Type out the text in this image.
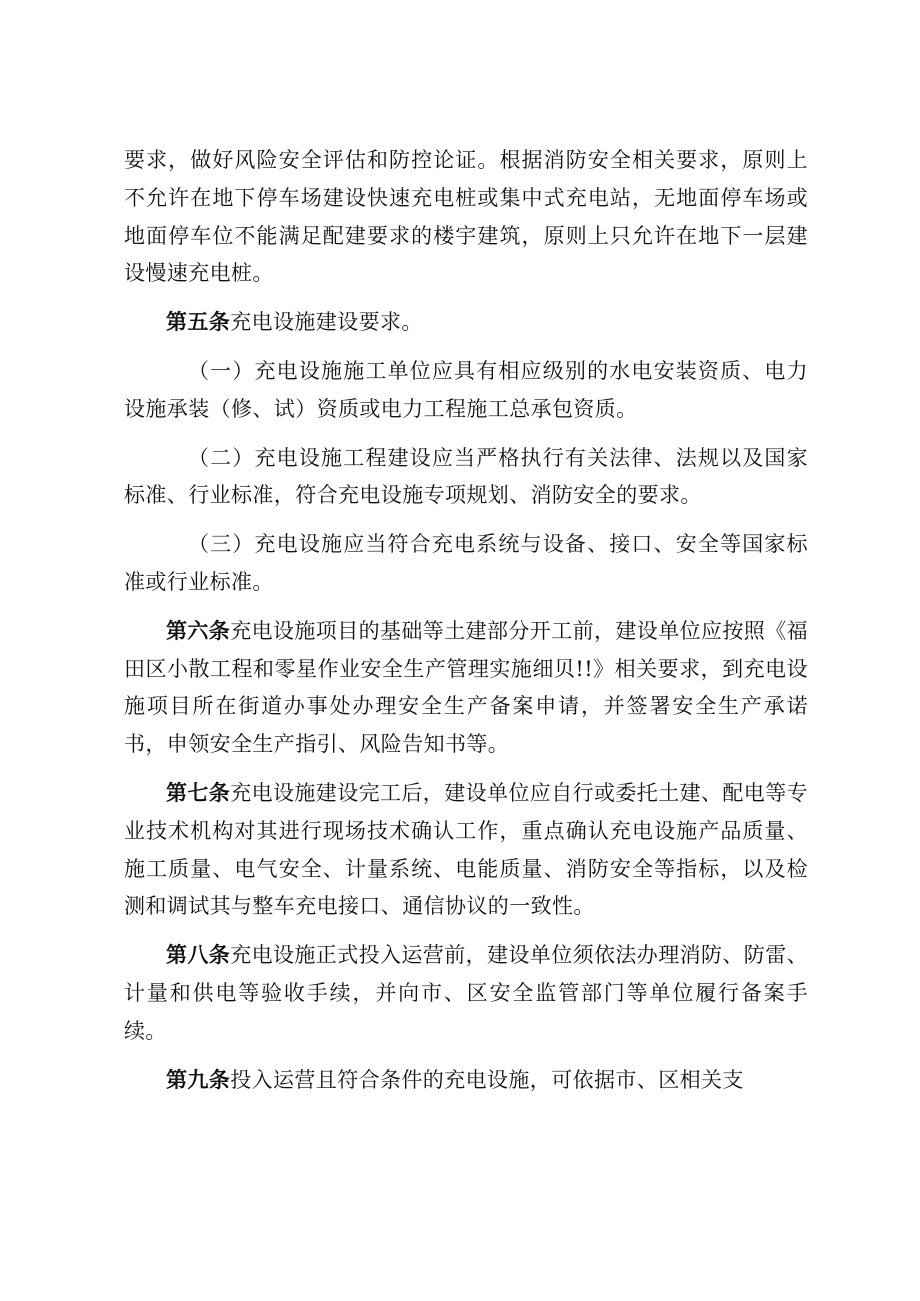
要求，做好风险安全评估和防控论证。根据消防安全相关要求，原则上不允许在地下停车场建设快速充电桩或集中式充电站，无地面停车场或地面停车位不能满足配建要求的楼宇建筑，原则上只允许在地下一层建设慢速充电桩。

第五条充电设施建设要求。

（一）充电设施施工单位应具有相应级别的水电安装资质、电力设施承装（修、试）资质或电力工程施工总承包资质。

（二）充电设施工程建设应当严格执行有关法律、法规以及国家标准、行业标准，符合充电设施专项规划、消防安全的要求。

（三）充电设施应当符合充电系统与设备、接口、安全等国家标准或行业标准。

第六条充电设施项目的基础等土建部分开工前，建设单位应按照《福田区小散工程和零星作业安全生产管理实施细贝!!》相关要求，到充电设施项目所在街道办事处办理安全生产备案申请，并签署安全生产承诺书，申领安全生产指引、风险告知书等。

第七条充电设施建设完工后，建设单位应自行或委托土建、配电等专业技术机构对其进行现场技术确认工作，重点确认充电设施产品质量、施工质量、电气安全、计量系统、电能质量、消防安全等指标，以及检测和调试其与整车充电接口、通信协议的一致性。

第八条充电设施正式投入运营前，建设单位须依法办理消防、防雷、计量和供电等验收手续，并向市、区安全监管部门等单位履行备案手续。

第九条投入运营且符合条件的充电设施，可依据市、区相关支
